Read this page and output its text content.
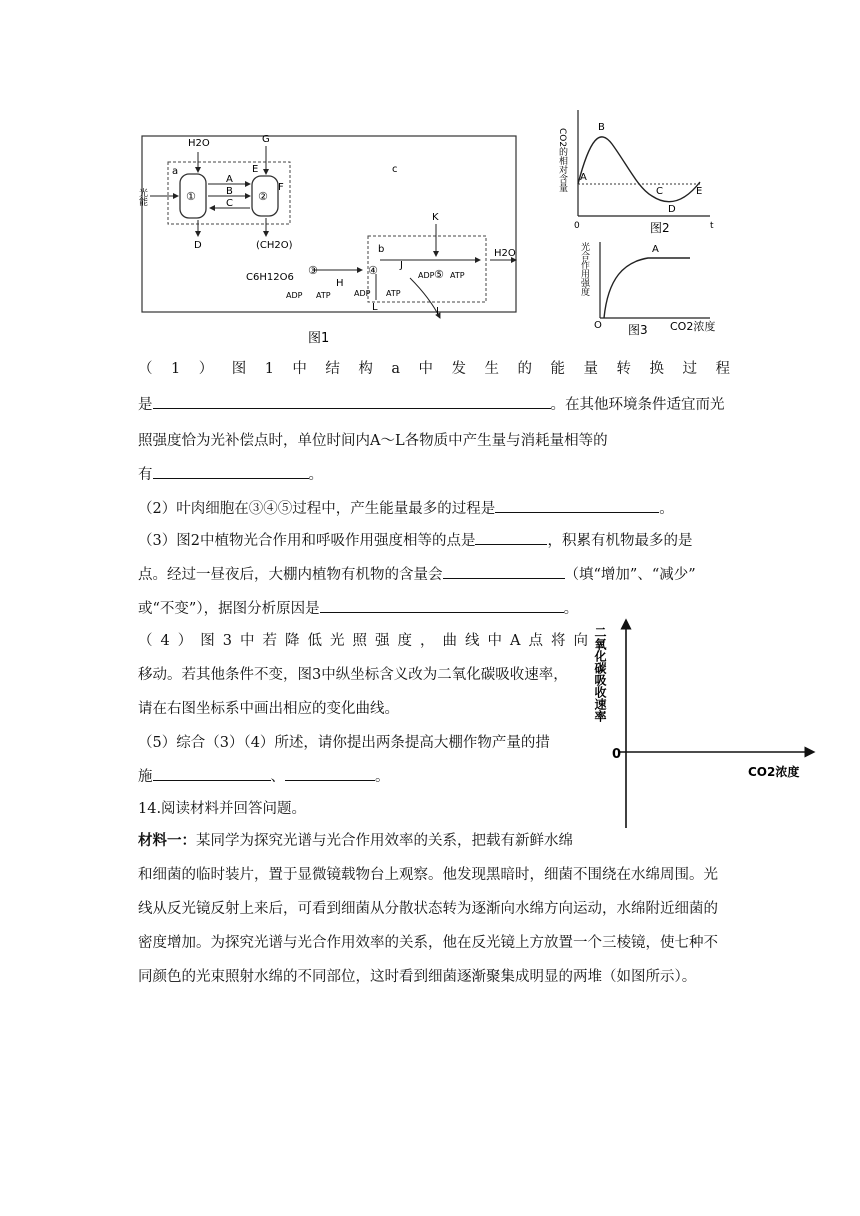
H2O	G
a	c
①	②
A
B
C
E
F
D
光能
(CH2O)
C6H12O6
③	④	⑤
b
K
J
H
L	I
H2O
ADP ATP	ADP ATP
ADP ATP
图1
CO2的相对含量 A
B
C
D
E
0	t
图2
光合作用强度	A
O 图3 CO2浓度
二氧化碳吸收速率
0
CO2浓度
（1）图1中结构a中发生的能量转换过程
是	。在其他环境条件适宜而光
照强度恰为光补偿点时，单位时间内A～L各物质中产生量与消耗量相等的
有	。
（2）叶肉细胞在③④⑤过程中，产生能量最多的过程是	。
（3）图2中植物光合作用和呼吸作用强度相等的点是	，积累有机物最多的是
点。经过一昼夜后，大棚内植物有机物的含量会	（填“增加”、“减少”
或“不变”），据图分析原因是	。
（4）图3中若降低光照强度，曲线中A点将向
移动。若其他条件不变，图3中纵坐标含义改为二氧化碳吸收速率，
请在右图坐标系中画出相应的变化曲线。
（5）综合（3）（4）所述，请你提出两条提高大棚作物产量的措
施	、	。
14.阅读材料并回答问题。
材料一：某同学为探究光谱与光合作用效率的关系，把载有新鲜水绵
和细菌的临时装片，置于显微镜载物台上观察。他发现黑暗时，细菌不围绕在水绵周围。光
线从反光镜反射上来后，可看到细菌从分散状态转为逐渐向水绵方向运动，水绵附近细菌的
密度增加。为探究光谱与光合作用效率的关系，他在反光镜上方放置一个三棱镜，使七种不
同颜色的光束照射水绵的不同部位，这时看到细菌逐渐聚集成明显的两堆（如图所示）。
